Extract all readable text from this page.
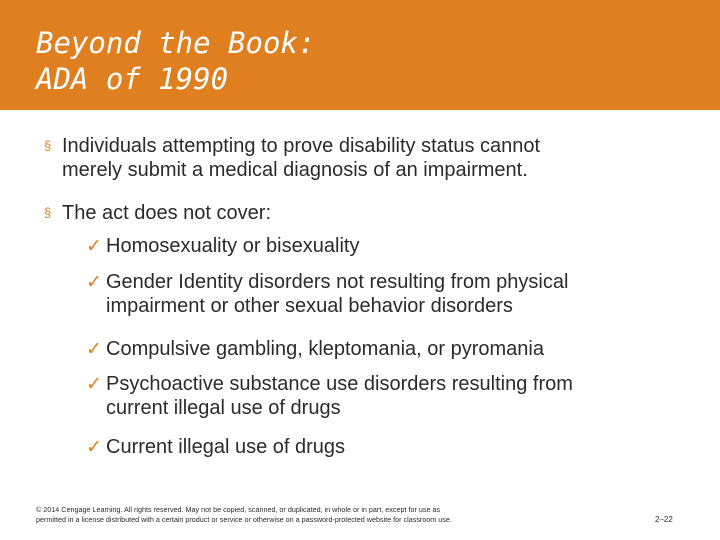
Beyond the Book:
ADA of 1990
§ Individuals attempting to prove disability status cannot
merely submit a medical diagnosis of an impairment.
§ The act does not cover:
✓ Homosexuality or bisexuality
✓ Gender Identity disorders not resulting from physical
impairment or other sexual behavior disorders
✓ Compulsive gambling, kleptomania, or pyromania
✓ Psychoactive substance use disorders resulting from
current illegal use of drugs
✓ Current illegal use of drugs
© 2014 Cengage Learning. All rights reserved. May not be copied, scanned, or duplicated, in whole or in part, except for use as
permitted in a license distributed with a certain product or service or otherwise on a password-protected website for classroom use.	2–22
